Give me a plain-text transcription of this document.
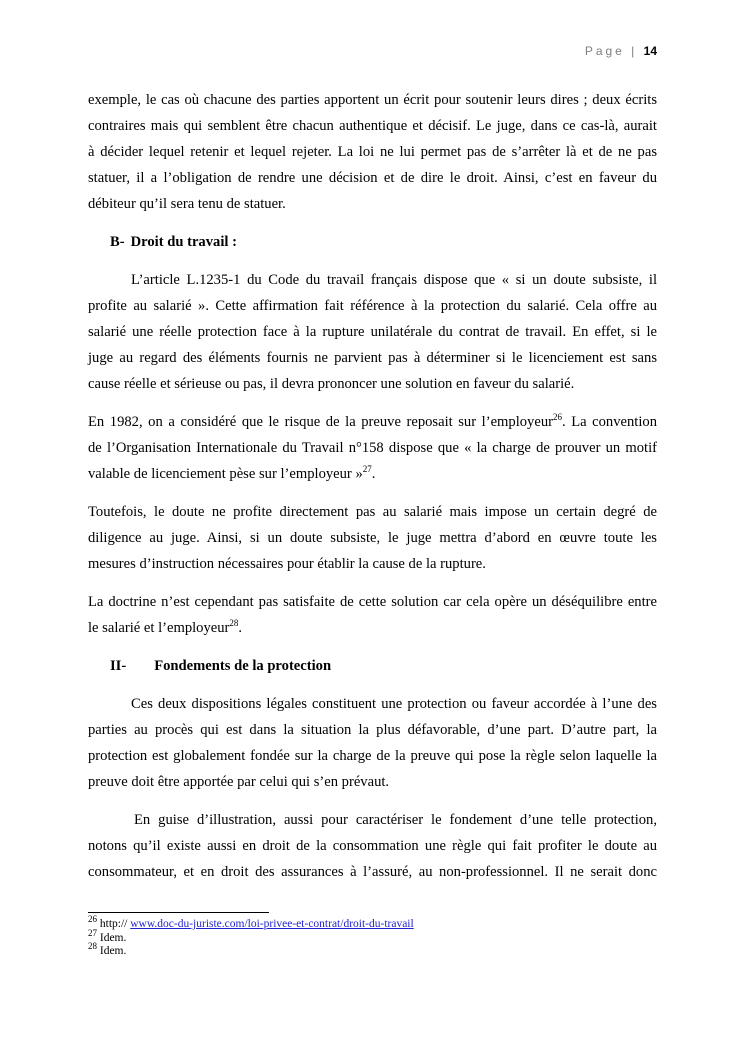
Page | 14
exemple, le cas où chacune des parties apportent un écrit pour soutenir leurs dires ; deux écrits
contraires mais qui semblent être chacun authentique et décisif. Le juge, dans ce cas-là, aurait
à décider lequel retenir et lequel rejeter. La loi ne lui permet pas de s’arrêter là et de ne pas
statuer, il a l’obligation de rendre une décision et de dire le droit. Ainsi, c’est en faveur du
débiteur qu’il sera tenu de statuer.
B- Droit du travail :
L’article L.1235-1 du Code du travail français dispose que « si un doute subsiste, il
profite au salarié ». Cette affirmation fait référence à la protection du salarié. Cela offre au
salarié une réelle protection face à la rupture unilatérale du contrat de travail. En effet, si le
juge au regard des éléments fournis ne parvient pas à déterminer si le licenciement est sans
cause réelle et sérieuse ou pas, il devra prononcer une solution en faveur du salarié.
En 1982, on a considéré que le risque de la preuve reposait sur l’employeur$^{26}$. La convention
de l’Organisation Internationale du Travail n°158 dispose que « la charge de prouver un motif
valable de licenciement pèse sur l’employeur »$^{27}$.
Toutefois, le doute ne profite directement pas au salarié mais impose un certain degré de
diligence au juge. Ainsi, si un doute subsiste, le juge mettra d’abord en œuvre toute les
mesures d’instruction nécessaires pour établir la cause de la rupture.
La doctrine n’est cependant pas satisfaite de cette solution car cela opère un déséquilibre entre
le salarié et l’employeur$^{28}$.
II- Fondements de la protection
Ces deux dispositions légales constituent une protection ou faveur accordée à l’une des
parties au procès qui est dans la situation la plus défavorable, d’une part. D’autre part, la
protection est globalement fondée sur la charge de la preuve qui pose la règle selon laquelle la
preuve doit être apportée par celui qui s’en prévaut.
En guise d’illustration, aussi pour caractériser le fondement d’une telle protection,
notons qu’il existe aussi en droit de la consommation une règle qui fait profiter le doute au
consommateur, et en droit des assurances à l’assuré, au non-professionnel. Il ne serait donc
$^{26}$ http:// www.doc-du-juriste.com/loi-privee-et-contrat/droit-du-travail
$^{27}$ Idem.
$^{28}$ Idem.
